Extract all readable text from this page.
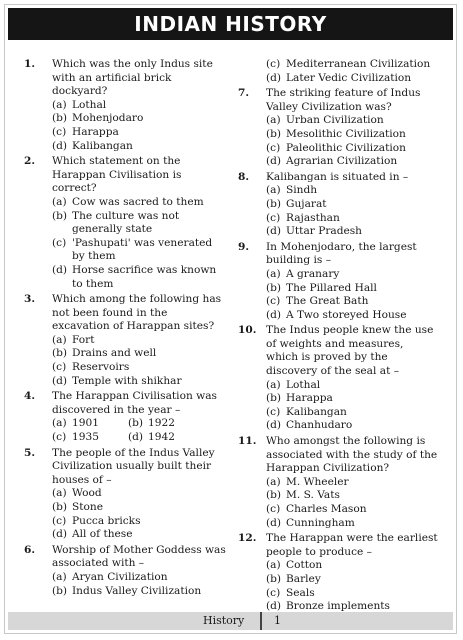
INDIAN HISTORY
1. Which was the only Indus site with an artificial brick dockyard?
(a) Lothal
(b) Mohenjodaro
(c) Harappa
(d) Kalibangan
2. Which statement on the Harappan Civilisation is correct?
(a) Cow was sacred to them
(b) The culture was not generally state
(c) 'Pashupati' was venerated by them
(d) Horse sacrifice was known to them
3. Which among the following has not been found in the excavation of Harappan sites?
(a) Fort
(b) Drains and well
(c) Reservoirs
(d) Temple with shikhar
4. The Harappan Civilisation was discovered in the year –
(a) 1901	(b) 1922
(c) 1935	(d) 1942
5. The people of the Indus Valley Civilization usually built their houses of –
(a) Wood
(b) Stone
(c) Pucca bricks
(d) All of these
6. Worship of Mother Goddess was associated with –
(a) Aryan Civilization
(b) Indus Valley Civilization
(c) Mediterranean Civilization
(d) Later Vedic Civilization
7. The striking feature of Indus Valley Civilization was?
(a) Urban Civilization
(b) Mesolithic Civilization
(c) Paleolithic Civilization
(d) Agrarian Civilization
8. Kalibangan is situated in –
(a) Sindh
(b) Gujarat
(c) Rajasthan
(d) Uttar Pradesh
9. In Mohenjodaro, the largest building is –
(a) A granary
(b) The Pillared Hall
(c) The Great Bath
(d) A Two storeyed House
10. The Indus people knew the use of weights and measures, which is proved by the discovery of the seal at –
(a) Lothal
(b) Harappa
(c) Kalibangan
(d) Chanhudaro
11. Who amongst the following is associated with the study of the Harappan Civilization?
(a) M. Wheeler
(b) M. S. Vats
(c) Charles Mason
(d) Cunningham
12. The Harappan were the earliest people to produce –
(a) Cotton
(b) Barley
(c) Seals
(d) Bronze implements
History	1
